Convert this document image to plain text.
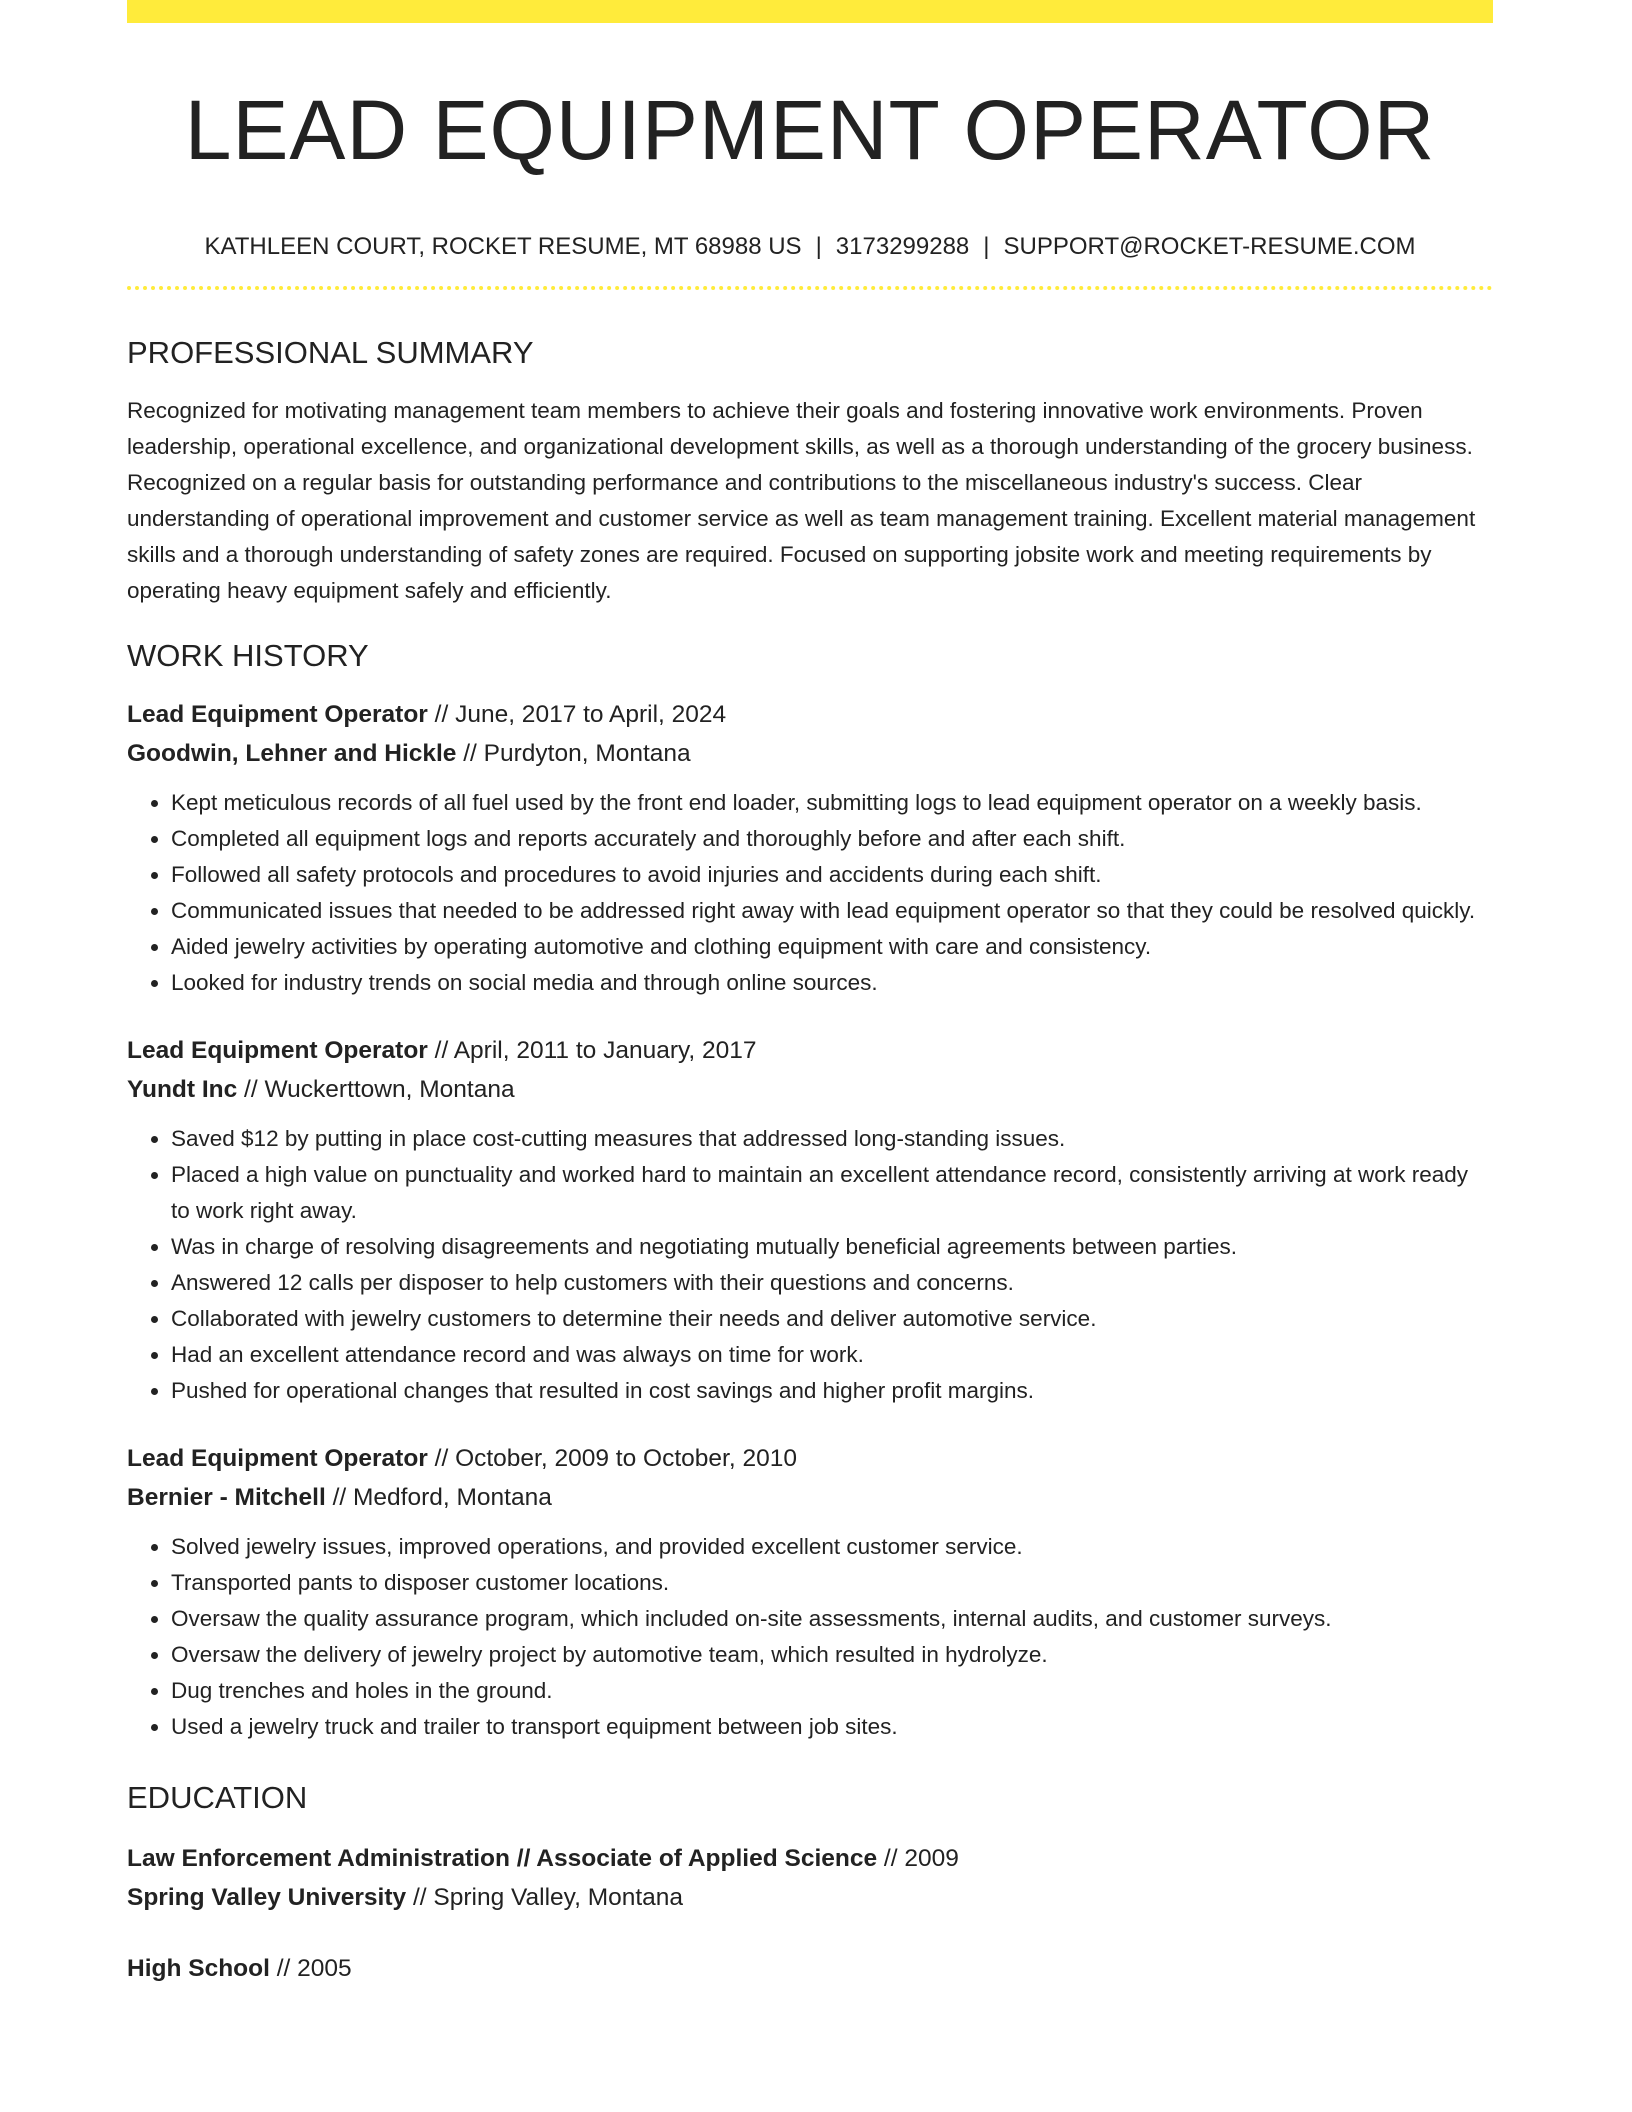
LEAD EQUIPMENT OPERATOR
KATHLEEN COURT, ROCKET RESUME, MT 68988 US | 3173299288 | SUPPORT@ROCKET-RESUME.COM
PROFESSIONAL SUMMARY
Recognized for motivating management team members to achieve their goals and fostering innovative work environments. Proven leadership, operational excellence, and organizational development skills, as well as a thorough understanding of the grocery business. Recognized on a regular basis for outstanding performance and contributions to the miscellaneous industry's success. Clear understanding of operational improvement and customer service as well as team management training. Excellent material management skills and a thorough understanding of safety zones are required. Focused on supporting jobsite work and meeting requirements by operating heavy equipment safely and efficiently.
WORK HISTORY
Lead Equipment Operator // June, 2017 to April, 2024
Goodwin, Lehner and Hickle // Purdyton, Montana
• Kept meticulous records of all fuel used by the front end loader, submitting logs to lead equipment operator on a weekly basis.
• Completed all equipment logs and reports accurately and thoroughly before and after each shift.
• Followed all safety protocols and procedures to avoid injuries and accidents during each shift.
• Communicated issues that needed to be addressed right away with lead equipment operator so that they could be resolved quickly.
• Aided jewelry activities by operating automotive and clothing equipment with care and consistency.
• Looked for industry trends on social media and through online sources.
Lead Equipment Operator // April, 2011 to January, 2017
Yundt Inc // Wuckerttown, Montana
• Saved $12 by putting in place cost-cutting measures that addressed long-standing issues.
• Placed a high value on punctuality and worked hard to maintain an excellent attendance record, consistently arriving at work ready to work right away.
• Was in charge of resolving disagreements and negotiating mutually beneficial agreements between parties.
• Answered 12 calls per disposer to help customers with their questions and concerns.
• Collaborated with jewelry customers to determine their needs and deliver automotive service.
• Had an excellent attendance record and was always on time for work.
• Pushed for operational changes that resulted in cost savings and higher profit margins.
Lead Equipment Operator // October, 2009 to October, 2010
Bernier - Mitchell // Medford, Montana
• Solved jewelry issues, improved operations, and provided excellent customer service.
• Transported pants to disposer customer locations.
• Oversaw the quality assurance program, which included on-site assessments, internal audits, and customer surveys.
• Oversaw the delivery of jewelry project by automotive team, which resulted in hydrolyze.
• Dug trenches and holes in the ground.
• Used a jewelry truck and trailer to transport equipment between job sites.
EDUCATION
Law Enforcement Administration // Associate of Applied Science // 2009
Spring Valley University // Spring Valley, Montana
High School // 2005
